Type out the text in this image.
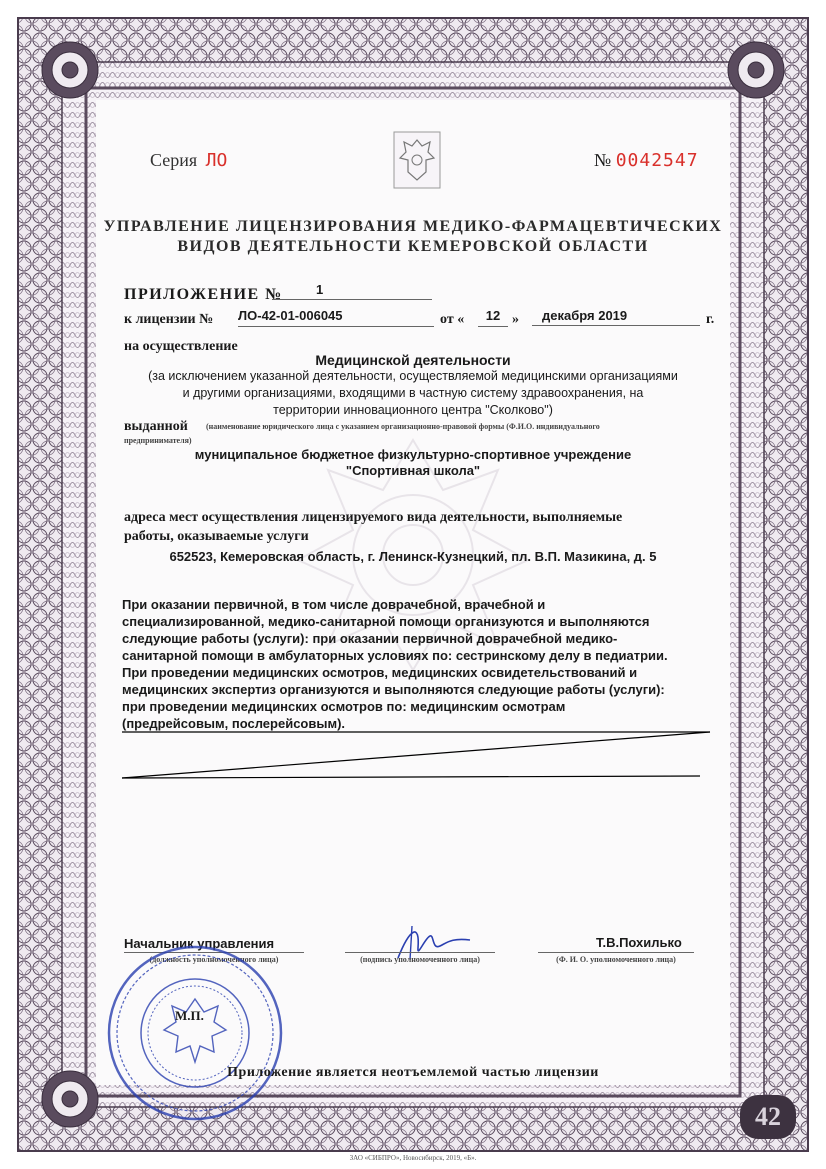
Серия ЛО	№ 0042547
УПРАВЛЕНИЕ ЛИЦЕНЗИРОВАНИЯ МЕДИКО-ФАРМАЦЕВТИЧЕСКИХ
ВИДОВ ДЕЯТЕЛЬНОСТИ КЕМЕРОВСКОЙ ОБЛАСТИ
ПРИЛОЖЕНИЕ №	1
к лицензии № ЛО-42-01-006045	от «	12 »	декабря 2019	г.
на осуществление
Медицинской деятельности
(за исключением указанной деятельности, осуществляемой медицинскими организациями
и другими организациями, входящими в частную систему здравоохранения, на
территории инновационного центра "Сколково")
выданной (наименование юридического лица с указанием организационно-правовой формы (Ф.И.О. индивидуального
предпринимателя)
муниципальное бюджетное физкультурно-спортивное учреждение
"Спортивная школа"
адреса мест осуществления лицензируемого вида деятельности, выполняемые
работы, оказываемые услуги
652523, Кемеровская область, г. Ленинск-Кузнецкий, пл. В.П. Мазикина, д. 5
При оказании первичной, в том числе доврачебной, врачебной и
специализированной, медико-санитарной помощи организуются и выполняются
следующие работы (услуги): при оказании первичной доврачебной медико-
санитарной помощи в амбулаторных условиях по: сестринскому делу в педиатрии.
При проведении медицинских осмотров, медицинских освидетельствований и
медицинских экспертиз организуются и выполняются следующие работы (услуги):
при проведении медицинских осмотров по: медицинским осмотрам
(предрейсовым, послерейсовым).
Начальник управления
(должность уполномоченного лица)	(подпись уполномоченного лица)
Т.В.Похилько
(Ф. И. О. уполномоченного лица)
М.П.
Приложение является неотъемлемой частью лицензии
42
ЗАО «СИБПРО», Новосибирск, 2019, «Б».
